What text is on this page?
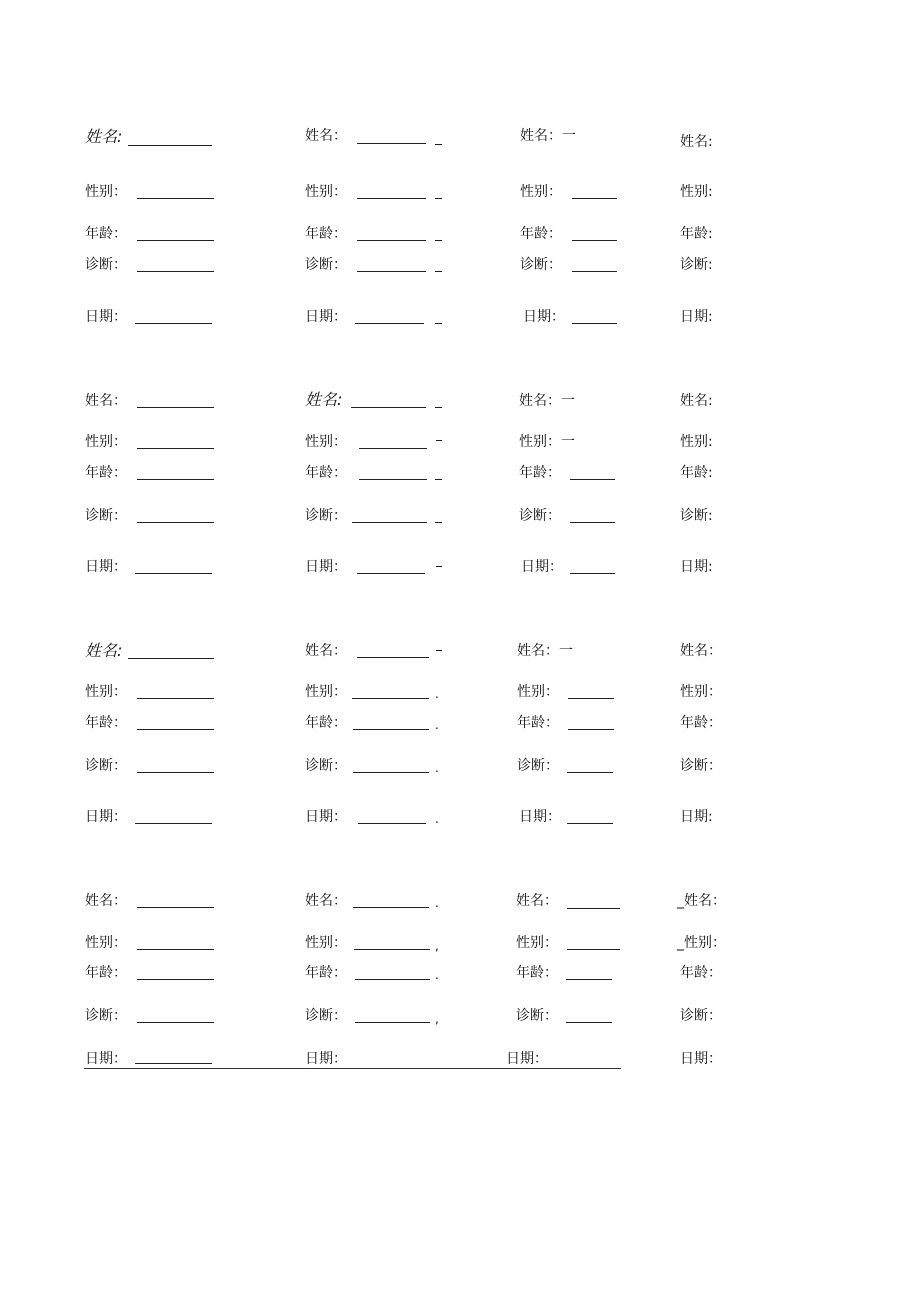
姓名:
性别：
年龄：
诊断：
日期：
姓名：
性别：
年龄：
诊断：
日期：
姓名：一
性别：
年龄：
诊断：
日期：
姓名:
性别:
年龄:
诊断:
日期:
姓名：
性别：
年龄：
诊断：
日期：
姓名:
性别：
年龄：
诊断：
日期：
姓名：一
性别：一
年龄：
诊断：
日期：
姓名:
性别:
年龄:
诊断:
日期:
姓名:
性别：
年龄：
诊断：
日期：
姓名：
性别：	.
年龄：	.
诊断：	.
日期：	.
姓名：一
性别：
年龄：
诊断：
日期：
姓名：
性别：
年龄：
诊断：
日期:
姓名：
性别：
年龄：
诊断：
日期：
姓名：	.
性别：	,
年龄：	.
诊断：	,
日期：
姓名：
性别：
年龄：
诊断：
日期：
_姓名：
_性别：
年龄：
诊断：
日期：
